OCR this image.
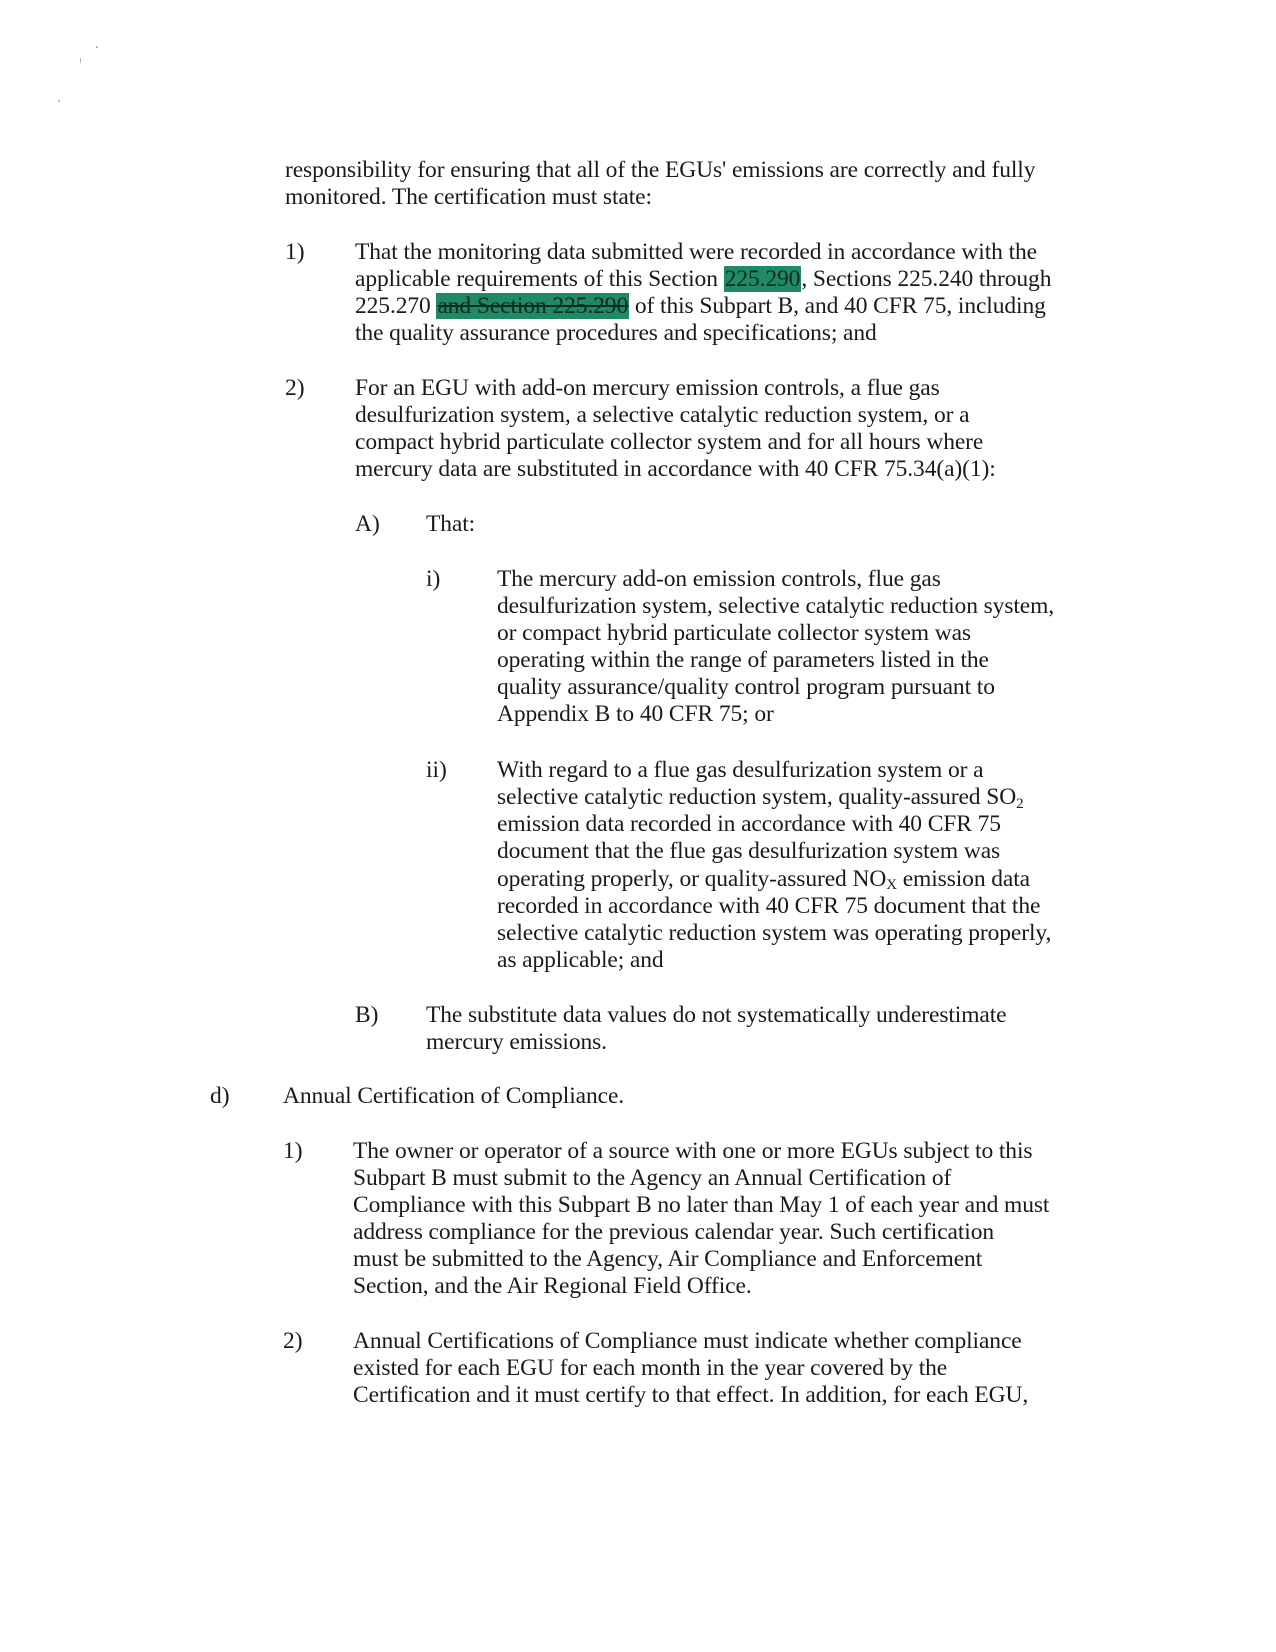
responsibility for ensuring that all of the EGUs' emissions are correctly and fully
monitored. The certification must state:
1) That the monitoring data submitted were recorded in accordance with the
applicable requirements of this Section 225.290, Sections 225.240 through
225.270 and Section 225.290 of this Subpart B, and 40 CFR 75, including
the quality assurance procedures and specifications; and
2) For an EGU with add-on mercury emission controls, a flue gas
desulfurization system, a selective catalytic reduction system, or a
compact hybrid particulate collector system and for all hours where
mercury data are substituted in accordance with 40 CFR 75.34(a)(1):
A) That:
i) The mercury add-on emission controls, flue gas
desulfurization system, selective catalytic reduction system,
or compact hybrid particulate collector system was
operating within the range of parameters listed in the
quality assurance/quality control program pursuant to
Appendix B to 40 CFR 75; or
ii) With regard to a flue gas desulfurization system or a
selective catalytic reduction system, quality-assured $SO_2$
emission data recorded in accordance with 40 CFR 75
document that the flue gas desulfurization system was
operating properly, or quality-assured NOX emission data
recorded in accordance with 40 CFR 75 document that the
selective catalytic reduction system was operating properly,
as applicable; and
B) The substitute data values do not systematically underestimate
mercury emissions.
d) Annual Certification of Compliance.
1) The owner or operator of a source with one or more EGUs subject to this
Subpart B must submit to the Agency an Annual Certification of
Compliance with this Subpart B no later than May 1 of each year and must
address compliance for the previous calendar year. Such certification
must be submitted to the Agency, Air Compliance and Enforcement
Section, and the Air Regional Field Office.
2) Annual Certifications of Compliance must indicate whether compliance
existed for each EGU for each month in the year covered by the
Certification and it must certify to that effect. In addition, for each EGU,
